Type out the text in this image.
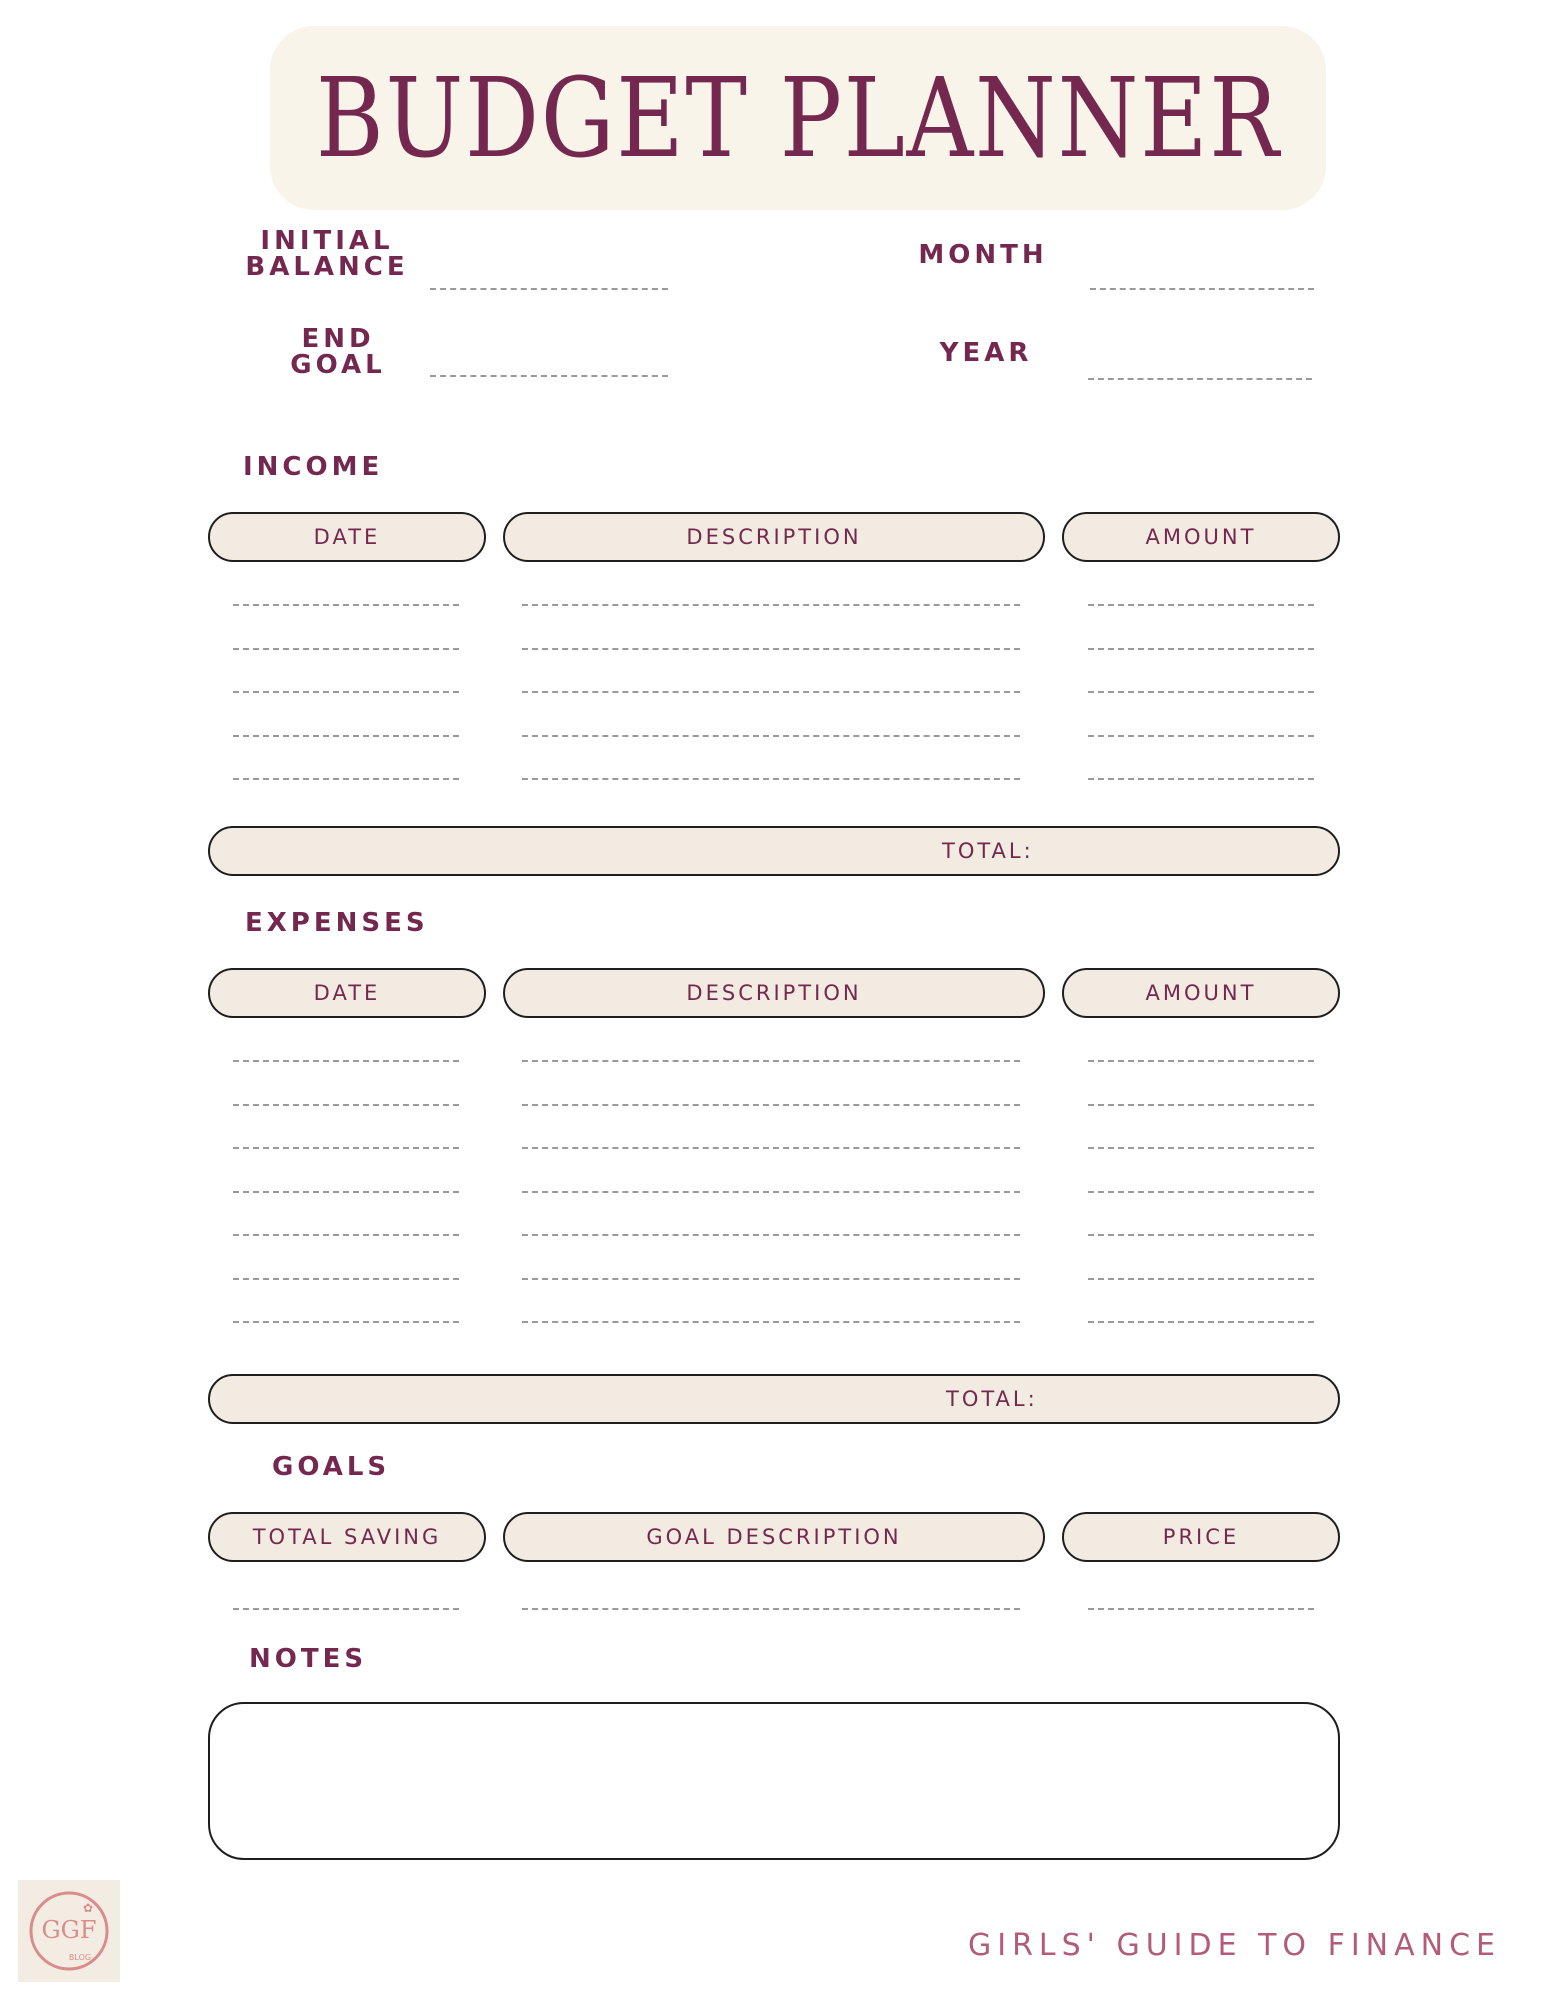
BUDGET PLANNER
INITIAL
BALANCE
END
GOAL
MONTH
YEAR
INCOME
DATE	DESCRIPTION	AMOUNT
TOTAL:
EXPENSES
DATE	DESCRIPTION	AMOUNT
TOTAL:
GOALS
TOTAL SAVING	GOAL DESCRIPTION	PRICE
NOTES
GGF
BLOG
✿
GIRLS' GUIDE TO FINANCE
